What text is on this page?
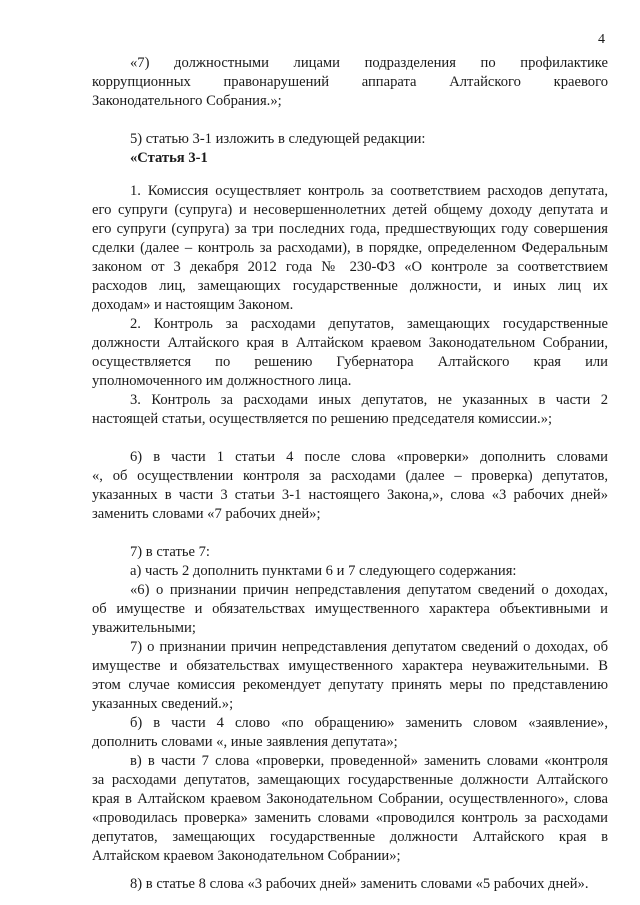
4
«7) должностными лицами подразделения по профилактике
коррупционных правонарушений аппарата Алтайского краевого
Законодательного Собрания.»;
5) статью 3-1 изложить в следующей редакции:
«Статья 3-1
1. Комиссия осуществляет контроль за соответствием расходов депутата,
его супруги (супруга) и несовершеннолетних детей общему доходу депутата и
его супруги (супруга) за три последних года, предшествующих году совершения
сделки (далее – контроль за расходами), в порядке, определенном Федеральным
законом от 3 декабря 2012 года № 230-ФЗ «О контроле за соответствием
расходов лиц, замещающих государственные должности, и иных лиц их
доходам» и настоящим Законом.
2. Контроль за расходами депутатов, замещающих государственные
должности Алтайского края в Алтайском краевом Законодательном Собрании,
осуществляется по решению Губернатора Алтайского края или
уполномоченного им должностного лица.
3. Контроль за расходами иных депутатов, не указанных в части 2
настоящей статьи, осуществляется по решению председателя комиссии.»;
6) в части 1 статьи 4 после слова «проверки» дополнить словами
«, об осуществлении контроля за расходами (далее – проверка) депутатов,
указанных в части 3 статьи 3-1 настоящего Закона,», слова «3 рабочих дней»
заменить словами «7 рабочих дней»;
7) в статье 7:
а) часть 2 дополнить пунктами 6 и 7 следующего содержания:
«6) о признании причин непредставления депутатом сведений о доходах,
об имуществе и обязательствах имущественного характера объективными и
уважительными;
7) о признании причин непредставления депутатом сведений о доходах, об
имуществе и обязательствах имущественного характера неуважительными. В
этом случае комиссия рекомендует депутату принять меры по представлению
указанных сведений.»;
б) в части 4 слово «по обращению» заменить словом «заявление»,
дополнить словами «, иные заявления депутата»;
в) в части 7 слова «проверки, проведенной» заменить словами «контроля
за расходами депутатов, замещающих государственные должности Алтайского
края в Алтайском краевом Законодательном Собрании, осуществленного», слова
«проводилась проверка» заменить словами «проводился контроль за расходами
депутатов, замещающих государственные должности Алтайского края в
Алтайском краевом Законодательном Собрании»;
8) в статье 8 слова «3 рабочих дней» заменить словами «5 рабочих дней».
